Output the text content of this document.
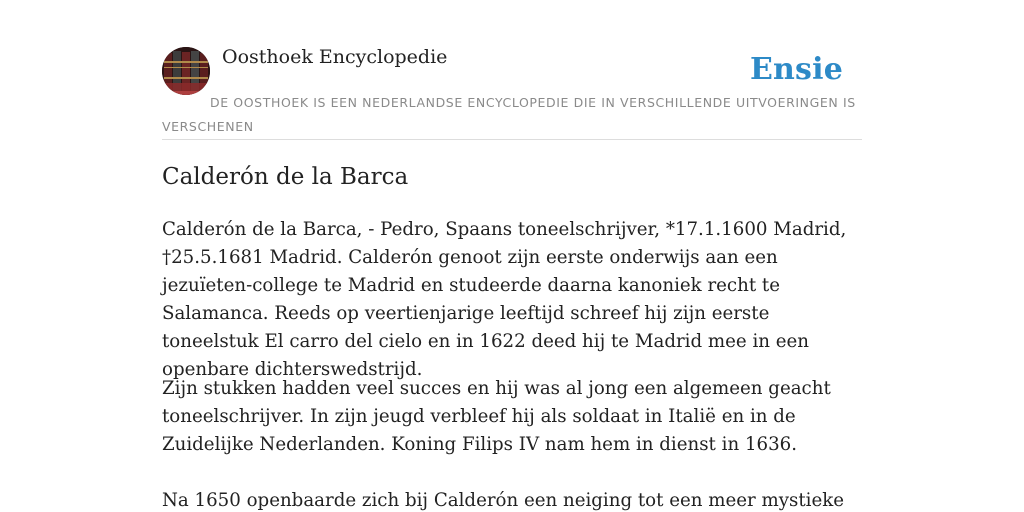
Oosthoek Encyclopedie	Ensie
DE OOSTHOEK IS EEN NEDERLANDSE ENCYCLOPEDIE DIE IN VERSCHILLENDE UITVOERINGEN IS VERSCHENEN
Calderón de la Barca

Calderón de la Barca, - Pedro, Spaans toneelschrijver, *17.1.1600 Madrid, †25.5.1681 Madrid. Calderón genoot zijn eerste onderwijs aan een jezuïeten-college te Madrid en studeerde daarna kanoniek recht te Salamanca. Reeds op veertienjarige leeftijd schreef hij zijn eerste toneelstuk El carro del cielo en in 1622 deed hij te Madrid mee in een openbare dichterswedstrijd.

Zijn stukken hadden veel succes en hij was al jong een algemeen geacht toneelschrijver. In zijn jeugd verbleef hij als soldaat in Italië en in de Zuidelijke Nederlanden. Koning Filips IV nam hem in dienst in 1636.

Na 1650 openbaarde zich bij Calderón een neiging tot een meer mystieke
